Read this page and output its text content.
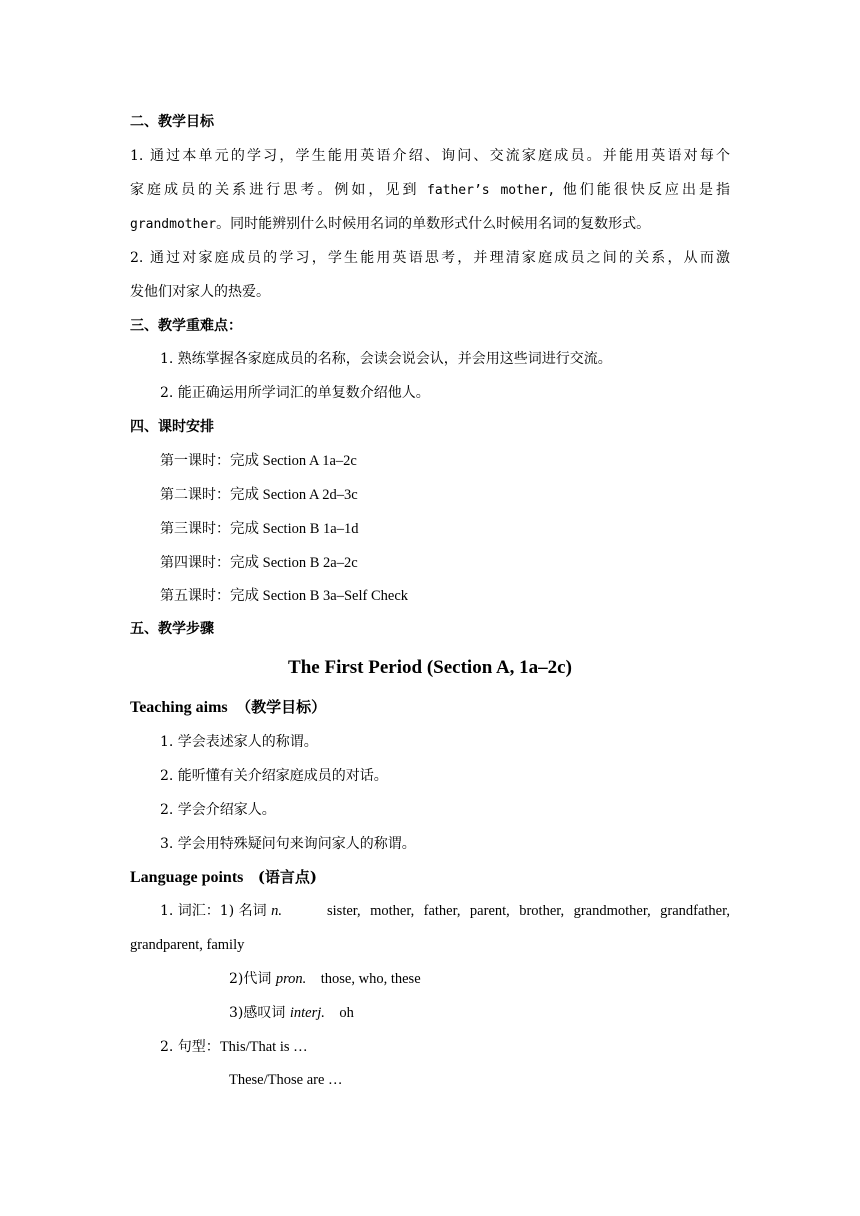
二、教学目标
1. 通过本单元的学习，学生能用英语介绍、询问、交流家庭成员。并能用英语对每个
家庭成员的关系进行思考。例如，见到 father’s mother, 他们能很快反应出是指
grandmother。同时能辨别什么时候用名词的单数形式什么时候用名词的复数形式。
2. 通过对家庭成员的学习，学生能用英语思考，并理清家庭成员之间的关系，从而激
发他们对家人的热爱。
三、教学重难点：
1. 熟练掌握各家庭成员的名称，会读会说会认，并会用这些词进行交流。
2. 能正确运用所学词汇的单复数介绍他人。
四、课时安排
第一课时：完成 Section A 1a–2c
第二课时：完成 Section A 2d–3c
第三课时：完成 Section B 1a–1d
第四课时：完成 Section B 2a–2c
第五课时：完成 Section B 3a–Self Check
五、教学步骤
The First Period (Section A, 1a–2c)
Teaching aims （教学目标）
1. 学会表述家人的称谓。
2. 能听懂有关介绍家庭成员的对话。
2. 学会介绍家人。
3. 学会用特殊疑问句来询问家人的称谓。
Language points (语言点)
1. 词汇：1) 名词 n.	sister, mother, father, parent, brother, grandmother, grandfather,
grandparent, family
2)代词 pron. those, who, these
3)感叹词 interj. oh
2. 句型：This/That is …
These/Those are …
